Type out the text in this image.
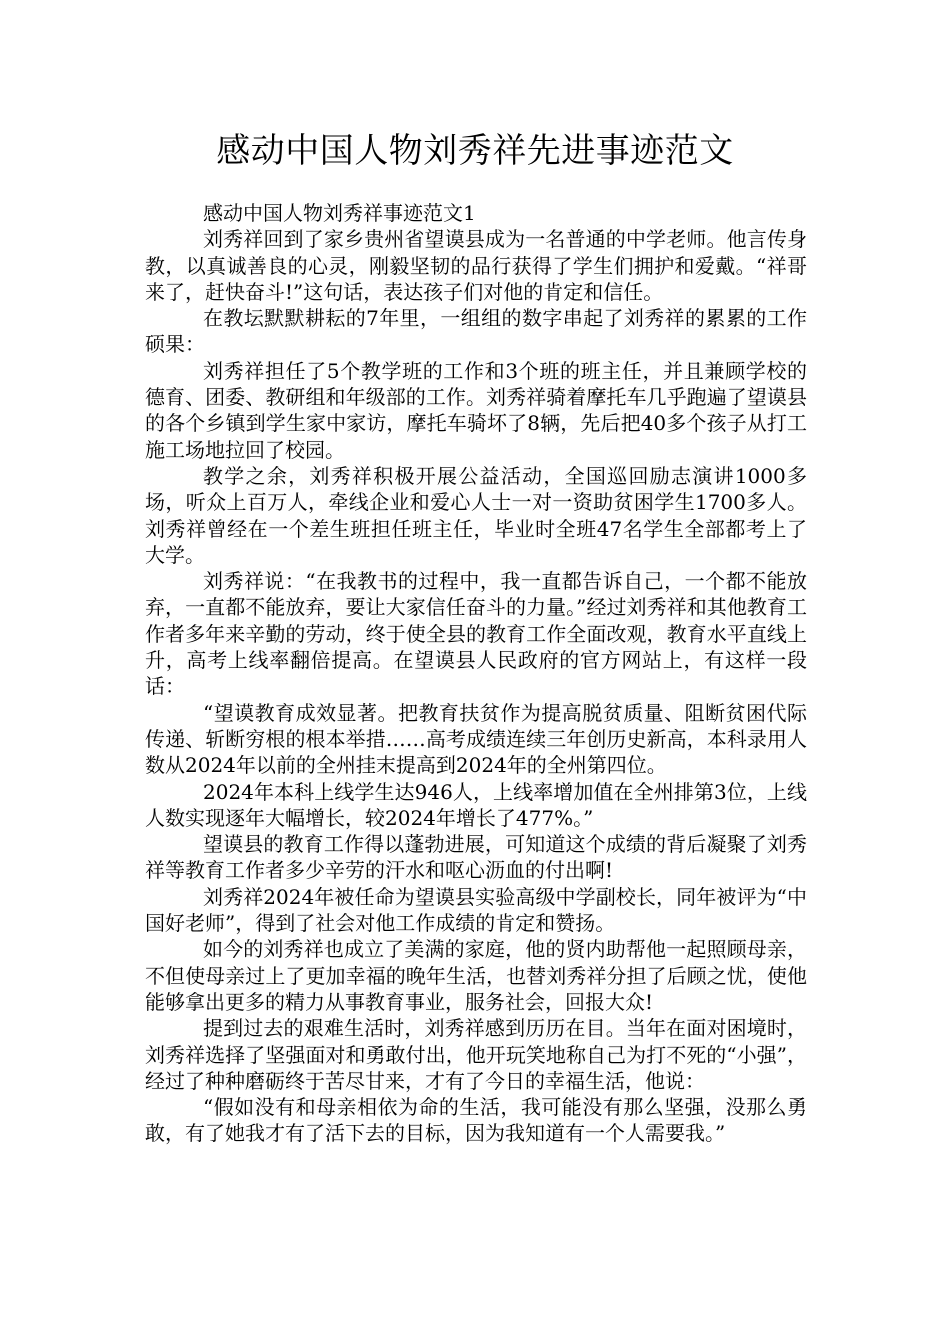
感动中国人物刘秀祥先进事迹范文

感动中国人物刘秀祥事迹范文1

刘秀祥回到了家乡贵州省望谟县成为一名普通的中学老师。他言传身教，以真诚善良的心灵，刚毅坚韧的品行获得了学生们拥护和爱戴。“祥哥来了，赶快奋斗!”这句话，表达孩子们对他的肯定和信任。

在教坛默默耕耘的7年里，一组组的数字串起了刘秀祥的累累的工作硕果：

刘秀祥担任了5个教学班的工作和3个班的班主任，并且兼顾学校的德育、团委、教研组和年级部的工作。刘秀祥骑着摩托车几乎跑遍了望谟县的各个乡镇到学生家中家访，摩托车骑坏了8辆，先后把40多个孩子从打工施工场地拉回了校园。

教学之余，刘秀祥积极开展公益活动，全国巡回励志演讲1000多场，听众上百万人，牵线企业和爱心人士一对一资助贫困学生1700多人。刘秀祥曾经在一个差生班担任班主任，毕业时全班47名学生全部都考上了大学。

刘秀祥说：“在我教书的过程中，我一直都告诉自己，一个都不能放弃，一直都不能放弃，要让大家信任奋斗的力量。”经过刘秀祥和其他教育工作者多年来辛勤的劳动，终于使全县的教育工作全面改观，教育水平直线上升，高考上线率翻倍提高。在望谟县人民政府的官方网站上，有这样一段话：

“望谟教育成效显著。把教育扶贫作为提高脱贫质量、阻断贫困代际传递、斩断穷根的根本举措……高考成绩连续三年创历史新高，本科录用人数从2024年以前的全州挂末提高到2024年的全州第四位。

2024年本科上线学生达946人，上线率增加值在全州排第3位，上线人数实现逐年大幅增长，较2024年增长了477%。”

望谟县的教育工作得以蓬勃进展，可知道这个成绩的背后凝聚了刘秀祥等教育工作者多少辛劳的汗水和呕心沥血的付出啊!

刘秀祥2024年被任命为望谟县实验高级中学副校长，同年被评为“中国好老师”，得到了社会对他工作成绩的肯定和赞扬。

如今的刘秀祥也成立了美满的家庭，他的贤内助帮他一起照顾母亲，不但使母亲过上了更加幸福的晚年生活，也替刘秀祥分担了后顾之忧，使他能够拿出更多的精力从事教育事业，服务社会，回报大众!

提到过去的艰难生活时，刘秀祥感到历历在目。当年在面对困境时，刘秀祥选择了坚强面对和勇敢付出，他开玩笑地称自己为打不死的“小强”，经过了种种磨砺终于苦尽甘来，才有了今日的幸福生活，他说：

“假如没有和母亲相依为命的生活，我可能没有那么坚强，没那么勇敢，有了她我才有了活下去的目标，因为我知道有一个人需要我。”
